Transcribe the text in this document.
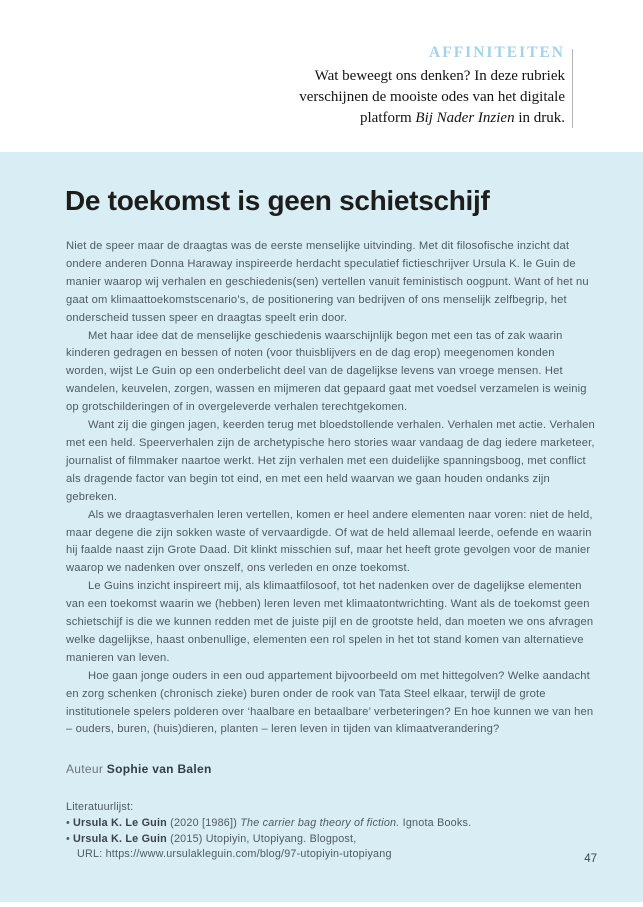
AFFINITEITEN
Wat beweegt ons denken? In deze rubriek
verschijnen de mooiste odes van het digitale
platform Bij Nader Inzien in druk.
De toekomst is geen schietschijf

Niet de speer maar de draagtas was de eerste menselijke uitvinding. Met dit filosofische inzicht dat ondere anderen Donna Haraway inspireerde herdacht speculatief fictieschrijver Ursula K. le Guin de manier waarop wij verhalen en geschiedenis(sen) vertellen vanuit feministisch oogpunt. Want of het nu gaat om klimaattoekomstscenario’s, de positionering van bedrijven of ons menselijk zelfbegrip, het onderscheid tussen speer en draagtas speelt erin door.

Met haar idee dat de menselijke geschiedenis waarschijnlijk begon met een tas of zak waarin kinderen gedragen en bessen of noten (voor thuisblijvers en de dag erop) meegenomen konden worden, wijst Le Guin op een onderbelicht deel van de dagelijkse levens van vroege mensen. Het wandelen, keuvelen, zorgen, wassen en mijmeren dat gepaard gaat met voedsel verzamelen is weinig op grotschilderingen of in overgeleverde verhalen terechtgekomen.

Want zij die gingen jagen, keerden terug met bloedstollende verhalen. Verhalen met actie. Verhalen met een held. Speerverhalen zijn de archetypische hero stories waar vandaag de dag iedere marketeer, journalist of filmmaker naartoe werkt. Het zijn verhalen met een duidelijke spanningsboog, met conflict als dragende factor van begin tot eind, en met een held waarvan we gaan houden ondanks zijn gebreken.

Als we draagtasverhalen leren vertellen, komen er heel andere elementen naar voren: niet de held, maar degene die zijn sokken waste of vervaardigde. Of wat de held allemaal leerde, oefende en waarin hij faalde naast zijn Grote Daad. Dit klinkt misschien suf, maar het heeft grote gevolgen voor de manier waarop we nadenken over onszelf, ons verleden en onze toekomst.

Le Guins inzicht inspireert mij, als klimaatfilosoof, tot het nadenken over de dagelijkse elementen van een toekomst waarin we (hebben) leren leven met klimaatontwrichting. Want als de toekomst geen schietschijf is die we kunnen redden met de juiste pijl en de grootste held, dan moeten we ons afvragen welke dagelijkse, haast onbenullige, elementen een rol spelen in het tot stand komen van alternatieve manieren van leven.

Hoe gaan jonge ouders in een oud appartement bijvoorbeeld om met hittegolven? Welke aandacht en zorg schenken (chronisch zieke) buren onder de rook van Tata Steel elkaar, terwijl de grote institutionele spelers polderen over ‘haalbare en betaalbare’ verbeteringen? En hoe kunnen we van hen – ouders, buren, (huis)dieren, planten – leren leven in tijden van klimaatverandering?

Auteur Sophie van Balen
Literatuurlijst:
• Ursula K. Le Guin (2020 [1986]) The carrier bag theory of fiction. Ignota Books.
• Ursula K. Le Guin (2015) Utopiyin, Utopiyang. Blogpost,
URL: https://www.ursulakleguin.com/blog/97-utopiyin-utopiyang	47
